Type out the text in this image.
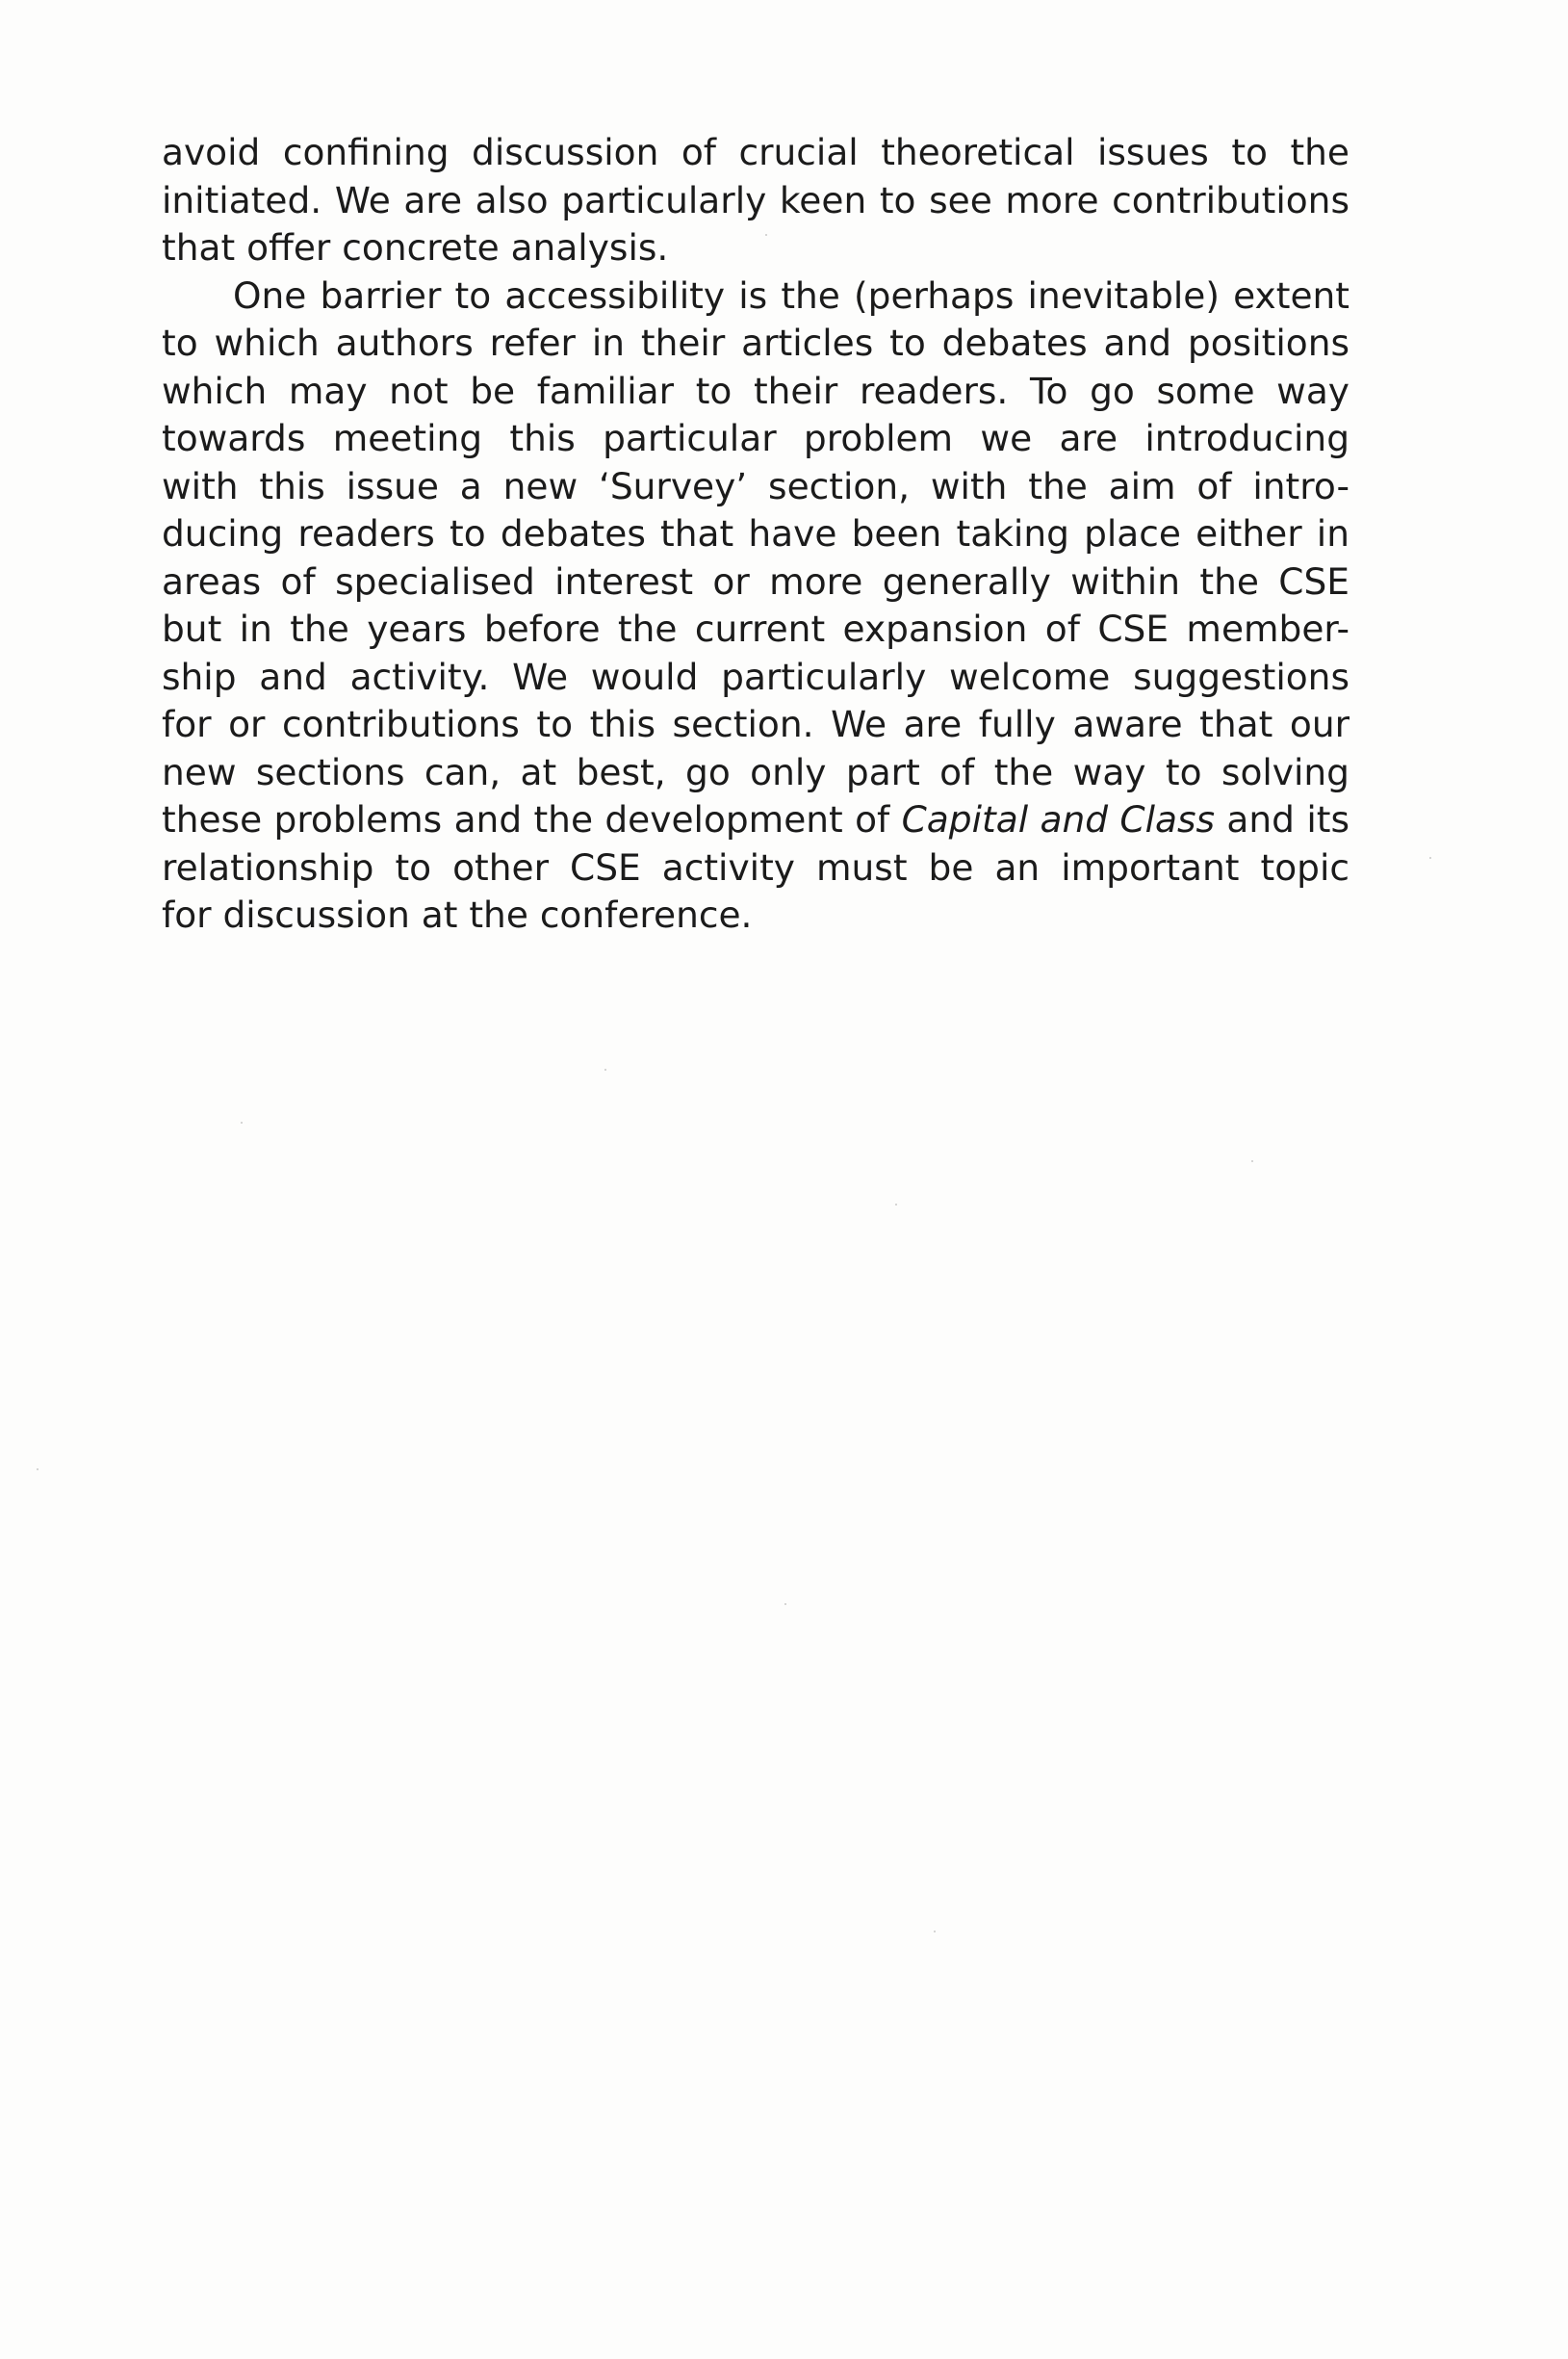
avoid confining discussion of crucial theoretical issues to the
initiated. We are also particularly keen to see more contributions
that offer concrete analysis.
One barrier to accessibility is the (perhaps inevitable) extent
to which authors refer in their articles to debates and positions
which may not be familiar to their readers. To go some way
towards meeting this particular problem we are introducing
with this issue a new ‘Survey’ section, with the aim of intro-
ducing readers to debates that have been taking place either in
areas of specialised interest or more generally within the CSE
but in the years before the current expansion of CSE member-
ship and activity. We would particularly welcome suggestions
for or contributions to this section. We are fully aware that our
new sections can, at best, go only part of the way to solving
these problems and the development of Capital and Class and its
relationship to other CSE activity must be an important topic
for discussion at the conference.
